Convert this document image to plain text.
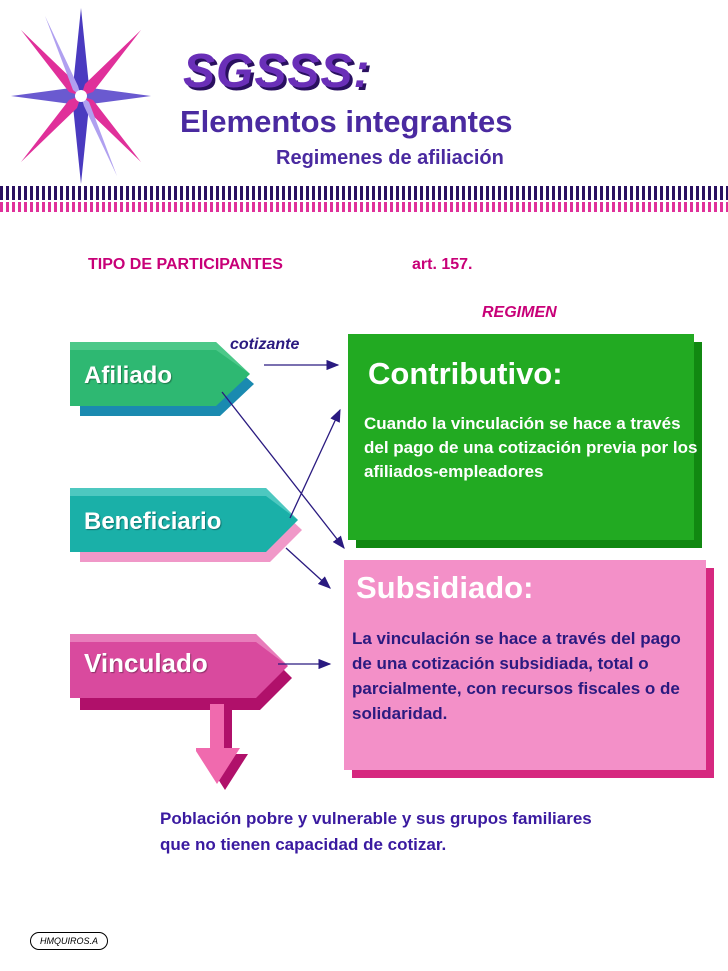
SGSSS:
Elementos integrantes
Regimenes de afiliación
TIPO DE PARTICIPANTES	art. 157.
REGIMEN
cotizante
Afiliado
Beneficiario
Vinculado
Contributivo:
Cuando la vinculación se hace a través del pago de una cotización previa por los afiliados-empleadores
Subsidiado:
La vinculación se hace a través del pago de una cotización subsidiada, total o parcialmente, con recursos fiscales o de solidaridad.
Población pobre y vulnerable y sus grupos familiares que no tienen capacidad de cotizar.
HMQUIROS.A
